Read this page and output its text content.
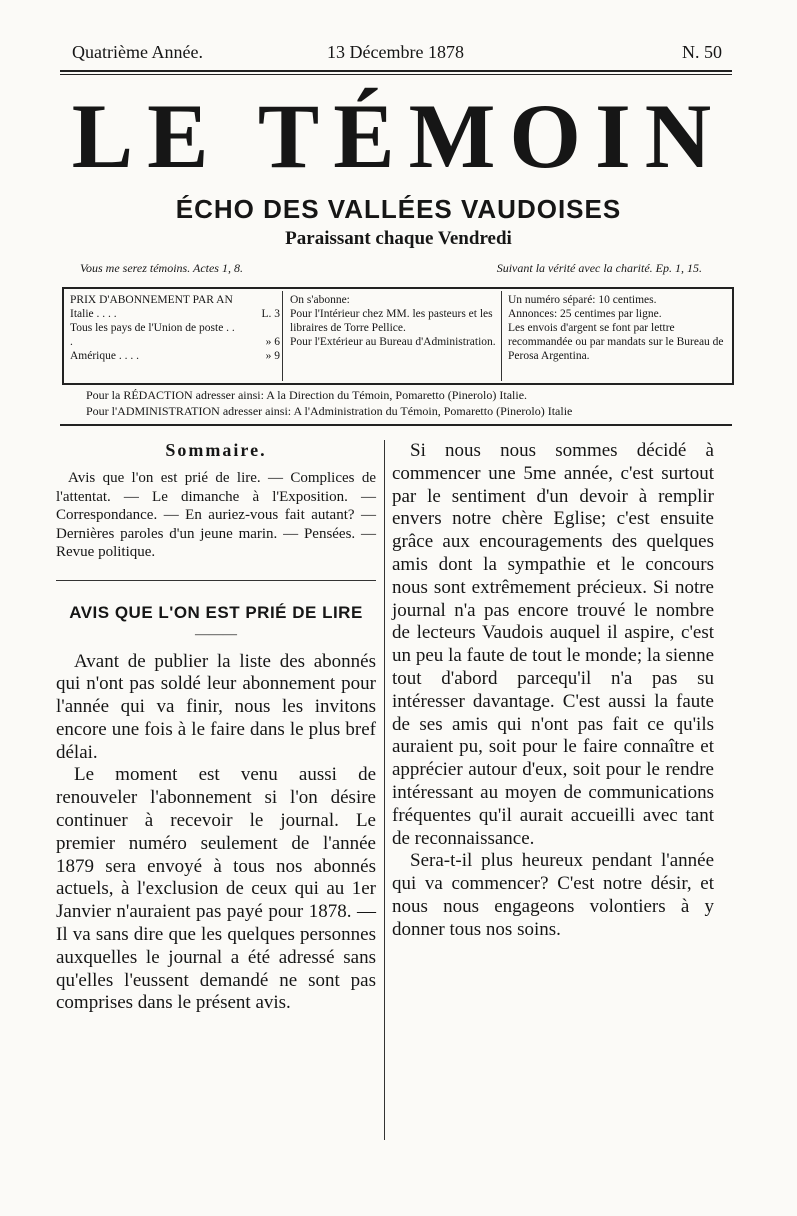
Quatrième Année.	13 Décembre 1878	N. 50
LE TÉMOIN
ÉCHO DES VALLÉES VAUDOISES
Paraissant chaque Vendredi
Vous me serez témoins. Actes 1, 8.	Suivant la vérité avec la charité. Ep. 1, 15.
PRIX D'ABONNEMENT PAR AN
Italie . . . .	L. 3
Tous les pays de l'Union de poste . . .	» 6
Amérique . . . .	» 9
On s'abonne:
Pour l'Intérieur chez MM. les pasteurs et les libraires de Torre Pellice.
Pour l'Extérieur au Bureau d'Administration.
Un numéro séparé: 10 centimes.
Annonces: 25 centimes par ligne.
Les envois d'argent se font par lettre recommandée ou par mandats sur le Bureau de Perosa Argentina.
Pour la RÉDACTION adresser ainsi: A la Direction du Témoin, Pomaretto (Pinerolo) Italie.
Pour l'ADMINISTRATION adresser ainsi: A l'Administration du Témoin, Pomaretto (Pinerolo) Italie
Sommaire.

Avis que l'on est prié de lire. — Complices de l'attentat. — Le dimanche à l'Exposition. — Correspondance. — En auriez-vous fait autant? — Dernières paroles d'un jeune marin. — Pensées. — Revue politique.

AVIS QUE L'ON EST PRIÉ DE LIRE

———

Avant de publier la liste des abonnés qui n'ont pas soldé leur abonnement pour l'année qui va finir, nous les invitons encore une fois à le faire dans le plus bref délai.

Le moment est venu aussi de renouveler l'abonnement si l'on désire continuer à recevoir le journal. Le premier numéro seulement de l'année 1879 sera envoyé à tous nos abonnés actuels, à l'exclusion de ceux qui au 1er Janvier n'auraient pas payé pour 1878. — Il va sans dire que les quelques personnes auxquelles le journal a été adressé sans qu'elles l'eussent demandé ne sont pas comprises dans le présent avis.

Si nous nous sommes décidé à commencer une 5me année, c'est surtout par le sentiment d'un devoir à remplir envers notre chère Eglise; c'est ensuite grâce aux encouragements des quelques amis dont la sympathie et le concours nous sont extrêmement précieux. Si notre journal n'a pas encore trouvé le nombre de lecteurs Vaudois auquel il aspire, c'est un peu la faute de tout le monde; la sienne tout d'abord parcequ'il n'a pas su intéresser davantage. C'est aussi la faute de ses amis qui n'ont pas fait ce qu'ils auraient pu, soit pour le faire connaître et apprécier autour d'eux, soit pour le rendre intéressant au moyen de communications fréquentes qu'il aurait accueilli avec tant de reconnaissance.

Sera-t-il plus heureux pendant l'année qui va commencer? C'est notre désir, et nous nous engageons volontiers à y donner tous nos soins.
